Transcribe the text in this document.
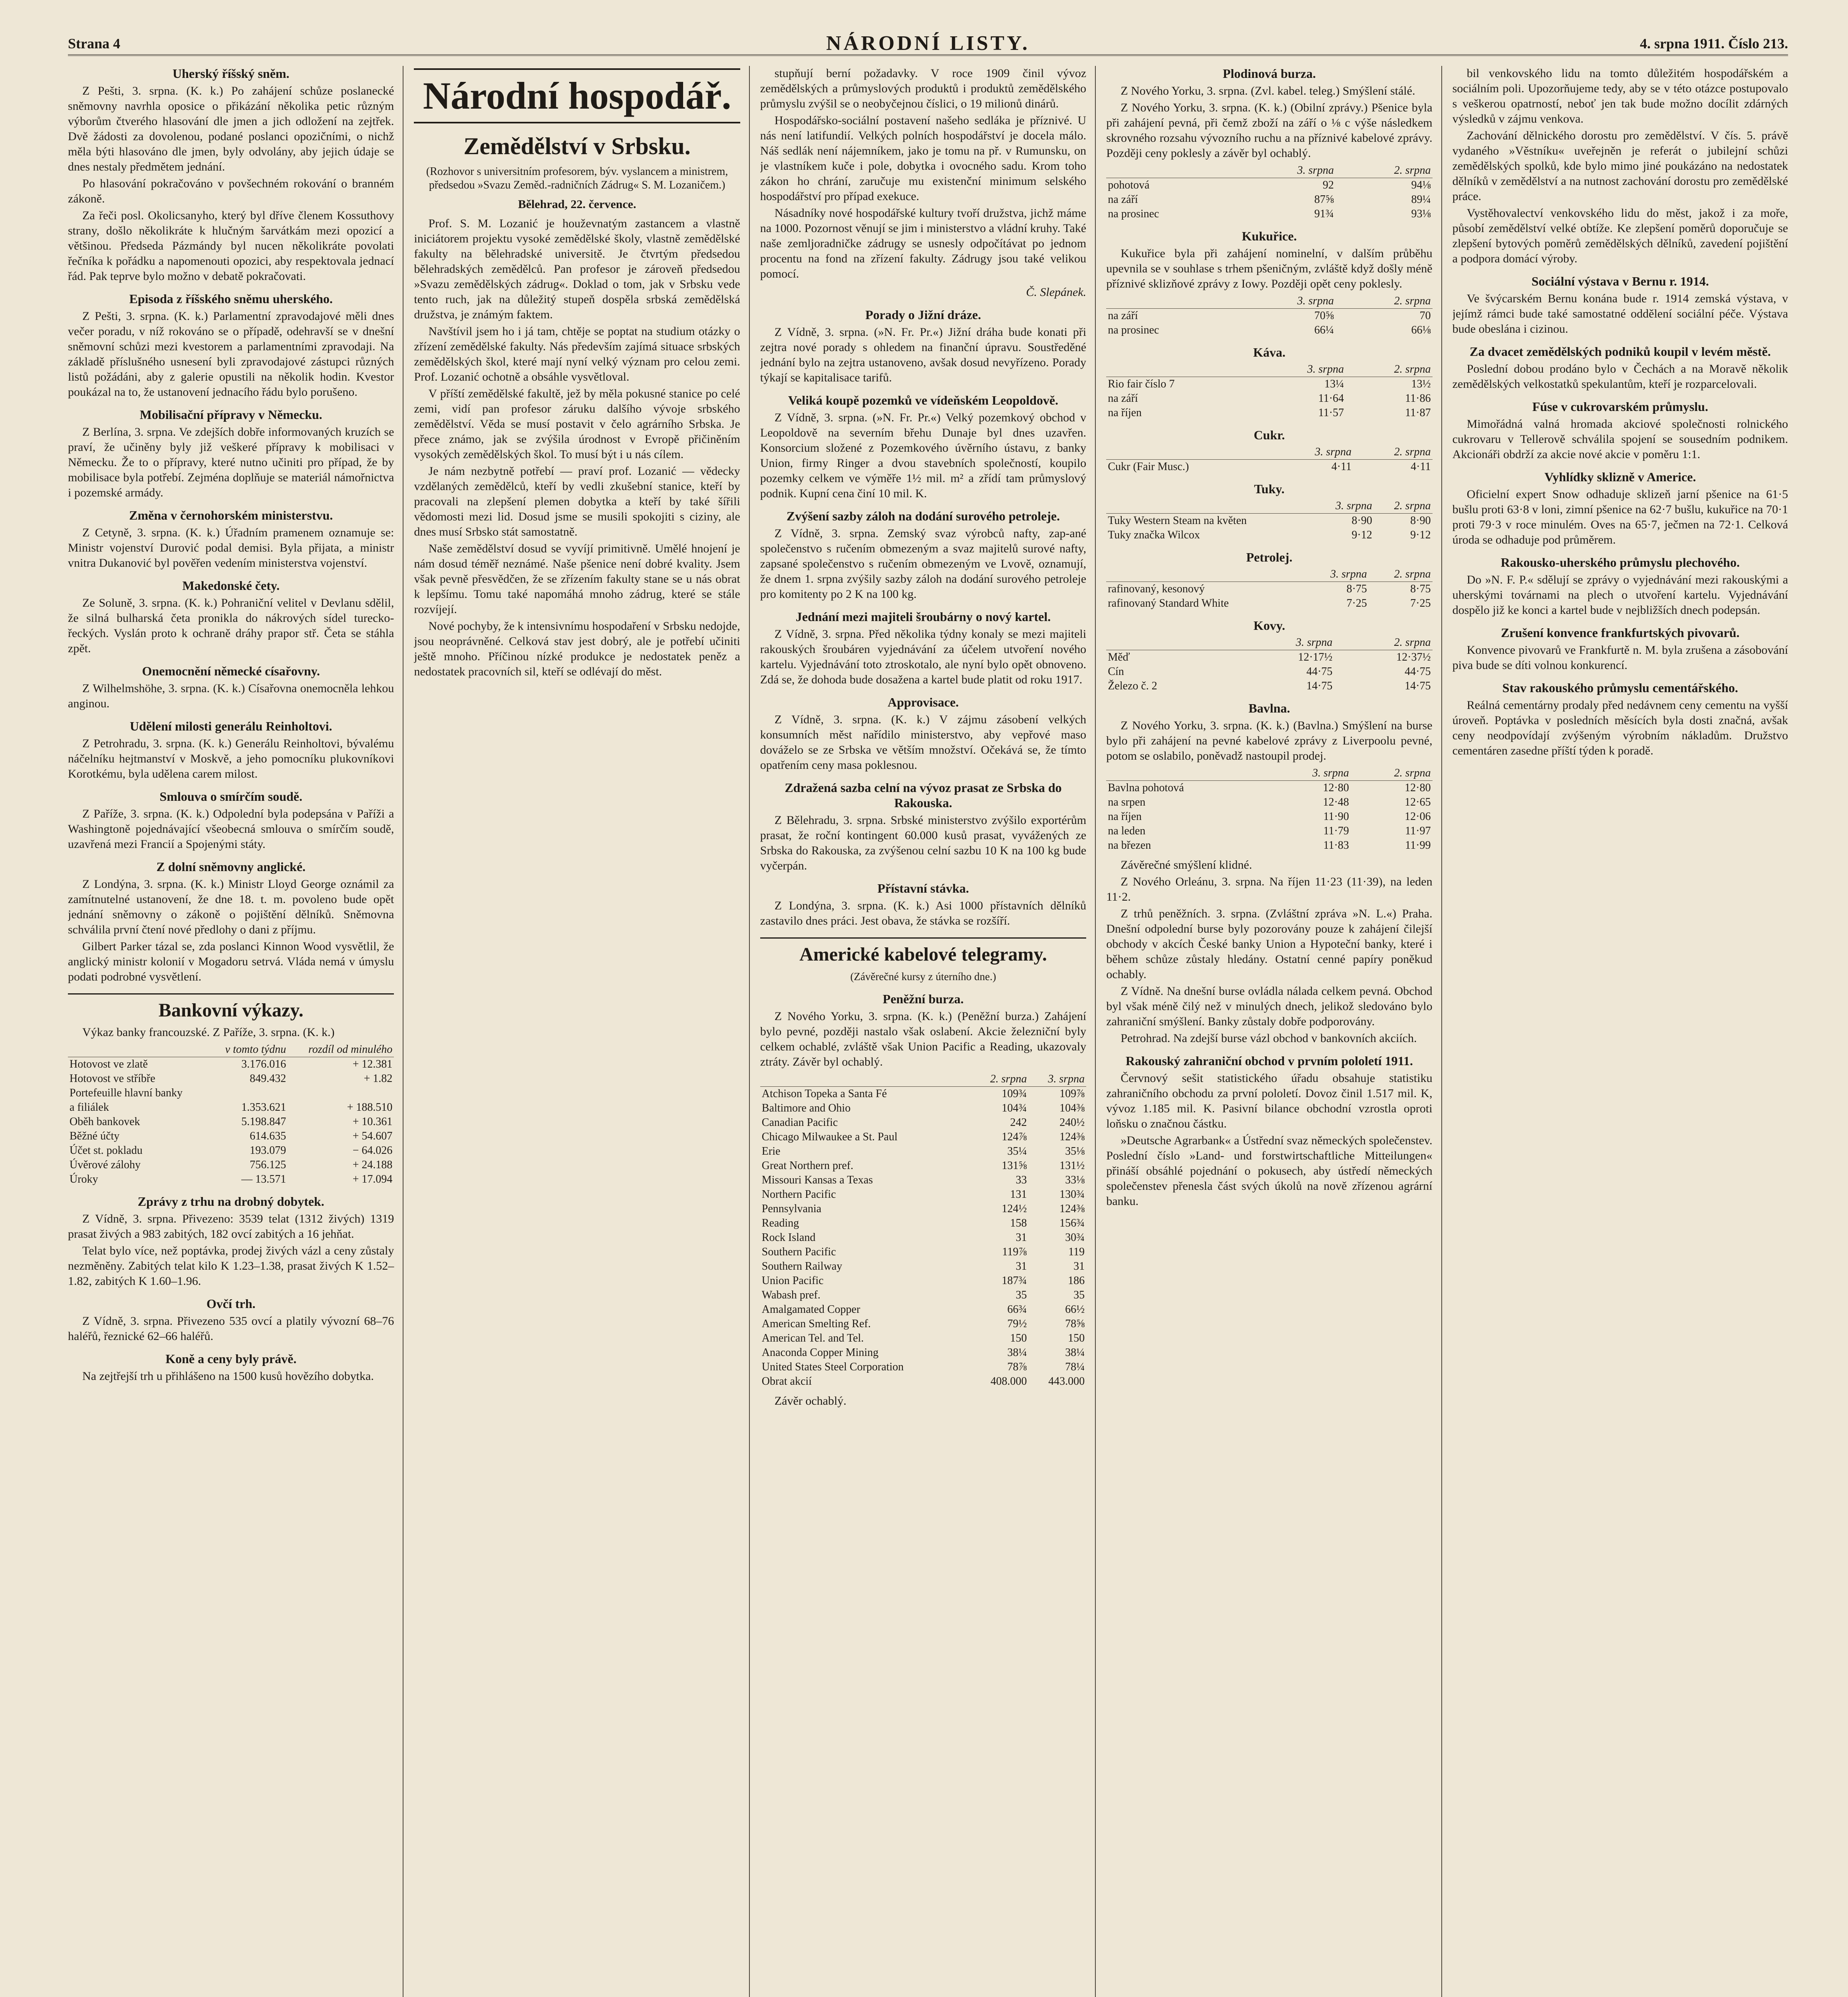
Strana 4	NÁRODNÍ LISTY.	4. srpna 1911. Číslo 213.
Uherský říšský sněm.

Z Pešti, 3. srpna. (K. k.) Po zahájení schůze poslanecké sněmovny navrhla oposice o přikázání několika petic různým výborům čtverého hlasování dle jmen a jich odložení na zejtřek. Dvě žádosti za dovolenou, podané poslanci opozičními, o nichž měla býti hlasováno dle jmen, byly odvolány, aby jejich údaje se dnes nestaly předmětem jednání.

Po hlasování pokračováno v povšechném rokování o branném zákoně.

Za řeči posl. Okolicsanyho, který byl dříve členem Kossuthovy strany, došlo několikráte k hlučným šarvátkám mezi opozicí a většinou. Předseda Pázmándy byl nucen několikráte povolati řečníka k pořádku a napomenouti opozici, aby respektovala jednací řád. Pak teprve bylo možno v debatě pokračovati.

Episoda z říšského sněmu uherského.

Z Pešti, 3. srpna. (K. k.) Parlamentní zpravodajové měli dnes večer poradu, v níž rokováno se o případě, odehravší se v dnešní sněmovní schůzi mezi kvestorem a parlamentními zpravodaji. Na základě příslušného usnesení byli zpravodajové zástupci různých listů požádáni, aby z galerie opustili na několik hodin. Kvestor poukázal na to, že ustanovení jednacího řádu bylo porušeno.

Mobilisační přípravy v Německu.

Z Berlína, 3. srpna. Ve zdejších dobře informovaných kruzích se praví, že učiněny byly již veškeré přípravy k mobilisaci v Německu. Že to o přípravy, které nutno učiniti pro případ, že by mobilisace byla potřebí. Zejména doplňuje se materiál námořnictva i pozemské armády.

Změna v černohorském ministerstvu.

Z Cetyně, 3. srpna. (K. k.) Úřadním pramenem oznamuje se: Ministr vojenství Durović podal demisi. Byla přijata, a ministr vnitra Dukanović byl pověřen vedením ministerstva vojenství.

Makedonské čety.

Ze Soluně, 3. srpna. (K. k.) Pohraniční velitel v Devlanu sdělil, že silná bulharská četa pronikla do nákrových sídel turecko-řeckých. Vyslán proto k ochraně dráhy prapor stř. Četa se stáhla zpět.

Onemocnění německé císařovny.

Z Wilhelmshöhe, 3. srpna. (K. k.) Císařovna onemocněla lehkou anginou.

Udělení milosti generálu Reinholtovi.

Z Petrohradu, 3. srpna. (K. k.) Generálu Reinholtovi, bývalému náčelníku hejtmanství v Moskvě, a jeho pomocníku plukovníkovi Korotkému, byla udělena carem milost.

Smlouva o smírčím soudě.

Z Paříže, 3. srpna. (K. k.) Odpolední byla podepsána v Paříži a Washingtoně pojednávající všeobecná smlouva o smírčím soudě, uzavřená mezi Francií a Spojenými státy.

Z dolní sněmovny anglické.

Z Londýna, 3. srpna. (K. k.) Ministr Lloyd George oznámil za zamítnutelné ustanovení, že dne 18. t. m. povoleno bude opět jednání sněmovny o zákoně o pojištění dělníků. Sněmovna schválila první čtení nové předlohy o dani z příjmu.

Gilbert Parker tázal se, zda poslanci Kinnon Wood vysvětlil, že anglický ministr kolonií v Mogadoru setrvá. Vláda nemá v úmyslu podati podrobné vysvětlení.

Bankovní výkazy.

Výkaz banky francouzské. Z Paříže, 3. srpna. (K. k.)

	v tomto týdnu	rozdíl od minulého
Hotovost ve zlatě	3.176.016	+ 12.381
Hotovost ve stříbře	849.432	+ 1.82
Portefeuille hlavní banky		
a filiálek	1.353.621	+ 188.510
Oběh bankovek	5.198.847	+ 10.361
Běžné účty	614.635	+ 54.607
Účet st. pokladu	193.079	− 64.026
Úvěrové zálohy	756.125	+ 24.188
Úroky	— 13.571	+ 17.094
Zprávy z trhu na drobný dobytek.

Z Vídně, 3. srpna. Přivezeno: 3539 telat (1312 živých) 1319 prasat živých a 983 zabitých, 182 ovcí zabitých a 16 jehňat.

Telat bylo více, než poptávka, prodej živých vázl a ceny zůstaly nezměněny. Zabitých telat kilo K 1.23–1.38, prasat živých K 1.52–1.82, zabitých K 1.60–1.96.

Ovčí trh.

Z Vídně, 3. srpna. Přivezeno 535 ovcí a platily vývozní 68–76 haléřů, řeznické 62–66 haléřů.

Koně a ceny byly právě.

Na zejtřejší trh u přihlášeno na 1500 kusů hovězího dobytka.

Národní hospodář.
Zemědělství v Srbsku.
(Rozhovor s universitním profesorem, býv. vyslancem a ministrem, předsedou »Svazu Zeměd.-radničních Zádrug« S. M. Lozaničem.)
Bělehrad, 22. července.

Prof. S. M. Lozanić je houževnatým zastancem a vlastně iniciátorem projektu vysoké zemědělské školy, vlastně zemědělské fakulty na bělehradské universitě. Je čtvrtým předsedou bělehradských zemědělců. Pan profesor je zároveň předsedou »Svazu zemědělských zádrug«. Doklad o tom, jak v Srbsku vede tento ruch, jak na důležitý stupeň dospěla srbská zemědělská družstva, je známým faktem.

Navštívil jsem ho i já tam, chtěje se poptat na studium otázky o zřízení zemědělské fakulty. Nás především zajímá situace srbských zemědělských škol, které mají nyní velký význam pro celou zemi. Prof. Lozanić ochotně a obsáhle vysvětloval.

V příští zemědělské fakultě, jež by měla pokusné stanice po celé zemi, vidí pan profesor záruku dalšího vývoje srbského zemědělství. Věda se musí postavit v čelo agrárního Srbska. Je přece známo, jak se zvýšila úrodnost v Evropě přičiněním vysokých zemědělských škol. To musí být i u nás cílem.

Je nám nezbytně potřebí — praví prof. Lozanić — vědecky vzdělaných zemědělců, kteří by vedli zkušební stanice, kteří by pracovali na zlepšení plemen dobytka a kteří by také šířili vědomosti mezi lid. Dosud jsme se musili spokojiti s ciziny, ale dnes musí Srbsko stát samostatně.

Naše zemědělství dosud se vyvíjí primitivně. Umělé hnojení je nám dosud téměř neznámé. Naše pšenice není dobré kvality. Jsem však pevně přesvědčen, že se zřízením fakulty stane se u nás obrat k lepšímu. Tomu také napomáhá mnoho zádrug, které se stále rozvíjejí.

Nové pochyby, že k intensivnímu hospodaření v Srbsku nedojde, jsou neoprávněné. Celková stav jest dobrý, ale je potřebí učiniti ještě mnoho. Příčinou nízké produkce je nedostatek peněz a nedostatek pracovních sil, kteří se odlévají do měst.

stupňují berní požadavky. V roce 1909 činil vývoz zemědělských a průmyslových produktů i produktů zemědělského průmyslu zvýšil se o neobyčejnou číslici, o 19 milionů dinárů.

Hospodářsko-sociální postavení našeho sedláka je příznivé. U nás není latifundií. Velkých polních hospodářství je docela málo. Náš sedlák není nájemníkem, jako je tomu na př. v Rumunsku, on je vlastníkem kuče i pole, dobytka i ovocného sadu. Krom toho zákon ho chrání, zaručuje mu existenční minimum selského hospodářství pro případ exekuce.

Násadníky nové hospodářské kultury tvoří družstva, jichž máme na 1000. Pozornost věnují se jim i ministerstvo a vládní kruhy. Také naše zemljoradničke zádrugy se usnesly odpočítávat po jednom procentu na fond na zřízení fakulty. Zádrugy jsou také velikou pomocí.

Č. Slepánek.
Porady o Jižní dráze.

Z Vídně, 3. srpna. (»N. Fr. Pr.«) Jižní dráha bude konati při zejtra nové porady s ohledem na finanční úpravu. Soustředěné jednání bylo na zejtra ustanoveno, avšak dosud nevyřízeno. Porady týkají se kapitalisace tarifů.

Veliká koupě pozemků ve vídeňském Leopoldově.

Z Vídně, 3. srpna. (»N. Fr. Pr.«) Velký pozemkový obchod v Leopoldově na severním břehu Dunaje byl dnes uzavřen. Konsorcium složené z Pozemkového úvěrního ústavu, z banky Union, firmy Ringer a dvou stavebních společností, koupilo pozemky celkem ve výměře 1½ mil. m² a zřídí tam průmyslový podnik. Kupní cena činí 10 mil. K.

Zvýšení sazby záloh na dodání surového petroleje.

Z Vídně, 3. srpna. Zemský svaz výrobců nafty, zap-ané společenstvo s ručením obmezeným a svaz majitelů surové nafty, zapsané společenstvo s ručením obmezeným ve Lvově, oznamují, že dnem 1. srpna zvýšily sazby záloh na dodání surového petroleje pro komitenty po 2 K na 100 kg.

Jednání mezi majiteli šroubárny o nový kartel.

Z Vídně, 3. srpna. Před několika týdny konaly se mezi majiteli rakouských šroubáren vyjednávání za účelem utvoření nového kartelu. Vyjednávání toto ztroskotalo, ale nyní bylo opět obnoveno. Zdá se, že dohoda bude dosažena a kartel bude platit od roku 1917.

Approvisace.

Z Vídně, 3. srpna. (K. k.) V zájmu zásobení velkých konsumních měst nařídilo ministerstvo, aby vepřové maso dováželo se ze Srbska ve větším množství. Očekává se, že tímto opatřením ceny masa poklesnou.

Zdražená sazba celní na vývoz prasat ze Srbska do Rakouska.

Z Bělehradu, 3. srpna. Srbské ministerstvo zvýšilo exportérům prasat, že roční kontingent 60.000 kusů prasat, vyvážených ze Srbska do Rakouska, za zvýšenou celní sazbu 10 K na 100 kg bude vyčerpán.

Přístavní stávka.

Z Londýna, 3. srpna. (K. k.) Asi 1000 přístavních dělníků zastavilo dnes práci. Jest obava, že stávka se rozšíří.

Americké kabelové telegramy.
(Závěrečné kursy z úterního dne.)
Peněžní burza.

Z Nového Yorku, 3. srpna. (K. k.) (Peněžní burza.) Zahájení bylo pevné, později nastalo však oslabení. Akcie železniční byly celkem ochablé, zvláště však Union Pacific a Reading, ukazovaly ztráty. Závěr byl ochablý.

	2. srpna	3. srpna
Atchison Topeka a Santa Fé	109¾	109⅞
Baltimore and Ohio	104¾	104⅜
Canadian Pacific	242	240½
Chicago Milwaukee a St. Paul	124⅞	124⅜
Erie	35¼	35⅛
Great Northern pref.	131⅝	131½
Missouri Kansas a Texas	33	33⅛
Northern Pacific	131	130¾
Pennsylvania	124½	124⅜
Reading	158	156¾
Rock Island	31	30¾
Southern Pacific	119⅞	119
Southern Railway	31	31
Union Pacific	187¾	186
Wabash pref.	35	35
Amalgamated Copper	66¾	66½
American Smelting Ref.	79½	78⅝
American Tel. and Tel.	150	150
Anaconda Copper Mining	38¼	38¼
United States Steel Corporation	78⅞	78¼
Obrat akcií	408.000	443.000

Závěr ochablý.

Plodinová burza.

Z Nového Yorku, 3. srpna. (Zvl. kabel. teleg.) Smýšlení stálé.

Z Nového Yorku, 3. srpna. (K. k.) (Obilní zprávy.) Pšenice byla při zahájení pevná, při čemž zboží na září o ⅛ c výše následkem skrovného rozsahu vývozního ruchu a na příznivé kabelové zprávy. Později ceny poklesly a závěr byl ochablý.

	3. srpna	2. srpna
pohotová	92	94⅛
na září	87⅝	89¼
na prosinec	91¾	93⅛
Kukuřice.

Kukuřice byla při zahájení nominelní, v dalším průběhu upevnila se v souhlase s trhem pšeničným, zvláště když došly méně příznivé sklizňové zprávy z Iowy. Později opět ceny poklesly.

	3. srpna	2. srpna
na září	70⅝	70
na prosinec	66¼	66⅛
Káva.
	3. srpna	2. srpna
Rio fair číslo 7	13¼	13½
na září	11·64	11·86
na říjen	11·57	11·87
Cukr.
	3. srpna	2. srpna
Cukr (Fair Musc.)	4·11	4·11
Tuky.
	3. srpna	2. srpna
Tuky Western Steam na květen	8·90	8·90
Tuky značka Wilcox	9·12	9·12
Petrolej.
	3. srpna	2. srpna
rafinovaný, kesonový	8·75	8·75
rafinovaný Standard White	7·25	7·25
Kovy.
	3. srpna	2. srpna
Měď	12·17½	12·37½
Cín	44·75	44·75
Železo č. 2	14·75	14·75
Bavlna.

Z Nového Yorku, 3. srpna. (K. k.) (Bavlna.) Smýšlení na burse bylo při zahájení na pevné kabelové zprávy z Liverpoolu pevné, potom se oslabilo, poněvadž nastoupil prodej.

	3. srpna	2. srpna
Bavlna pohotová	12·80	12·80
na srpen	12·48	12·65
na říjen	11·90	12·06
na leden	11·79	11·97
na březen	11·83	11·99

Závěrečné smýšlení klidné.

Z Nového Orleánu, 3. srpna. Na říjen 11·23 (11·39), na leden 11·2.

Z trhů peněžních. 3. srpna. (Zvláštní zpráva »N. L.«) Praha. Dnešní odpolední burse byly pozorovány pouze k zahájení čilejší obchody v akcích České banky Union a Hypoteční banky, které i během schůze zůstaly hledány. Ostatní cenné papíry poněkud ochably.

Z Vídně. Na dnešní burse ovládla nálada celkem pevná. Obchod byl však méně čilý než v minulých dnech, jelikož sledováno bylo zahraniční smýšlení. Banky zůstaly dobře podporovány.

Petrohrad. Na zdejší burse vázl obchod v bankovních akciích.

Rakouský zahraniční obchod v prvním pololetí 1911.

Červnový sešit statistického úřadu obsahuje statistiku zahraničního obchodu za první pololetí. Dovoz činil 1.517 mil. K, vývoz 1.185 mil. K. Pasivní bilance obchodní vzrostla oproti loňsku o značnou částku.

»Deutsche Agrarbank« a Ústřední svaz německých společenstev. Poslední číslo »Land- und forstwirtschaftliche Mitteilungen« přináší obsáhlé pojednání o pokusech, aby ústředí německých společenstev přenesla část svých úkolů na nově zřízenou agrární banku.

bil venkovského lidu na tomto důležitém hospodářském a sociálním poli. Upozorňujeme tedy, aby se v této otázce postupovalo s veškerou opatrností, neboť jen tak bude možno docílit zdárných výsledků v zájmu venkova.

Zachování dělnického dorostu pro zemědělství. V čís. 5. právě vydaného »Věstníku« uveřejněn je referát o jubilejní schůzi zemědělských spolků, kde bylo mimo jiné poukázáno na nedostatek dělníků v zemědělství a na nutnost zachování dorostu pro zemědělské práce.

Vystěhovalectví venkovského lidu do měst, jakož i za moře, působí zemědělství velké obtíže. Ke zlepšení poměrů doporučuje se zlepšení bytových poměrů zemědělských dělníků, zavedení pojištění a podpora domácí výroby.

Sociální výstava v Bernu r. 1914.

Ve švýcarském Bernu konána bude r. 1914 zemská výstava, v jejímž rámci bude také samostatné oddělení sociální péče. Výstava bude obeslána i cizinou.

Za dvacet zemědělských podniků koupil v levém městě.

Poslední dobou prodáno bylo v Čechách a na Moravě několik zemědělských velkostatků spekulantům, kteří je rozparcelovali.

Fúse v cukrovarském průmyslu.

Mimořádná valná hromada akciové společnosti rolnického cukrovaru v Tellerově schválila spojení se sousedním podnikem. Akcionáři obdrží za akcie nové akcie v poměru 1:1.

Vyhlídky sklizně v Americe.

Oficielní expert Snow odhaduje sklizeň jarní pšenice na 61·5 bušlu proti 63·8 v loni, zimní pšenice na 62·7 bušlu, kukuřice na 70·1 proti 79·3 v roce minulém. Oves na 65·7, ječmen na 72·1. Celková úroda se odhaduje pod průměrem.

Rakousko-uherského průmyslu plechového.

Do »N. F. P.« sdělují se zprávy o vyjednávání mezi rakouskými a uherskými továrnami na plech o utvoření kartelu. Vyjednávání dospělo již ke konci a kartel bude v nejbližších dnech podepsán.

Zrušení konvence frankfurtských pivovarů.

Konvence pivovarů ve Frankfurtě n. M. byla zrušena a zásobování piva bude se díti volnou konkurencí.

Stav rakouského průmyslu cementářského.

Reálná cementárny prodaly před nedávnem ceny cementu na vyšší úroveň. Poptávka v posledních měsících byla dosti značná, avšak ceny neodpovídají zvýšeným výrobním nákladům. Družstvo cementáren zasedne příští týden k poradě.
